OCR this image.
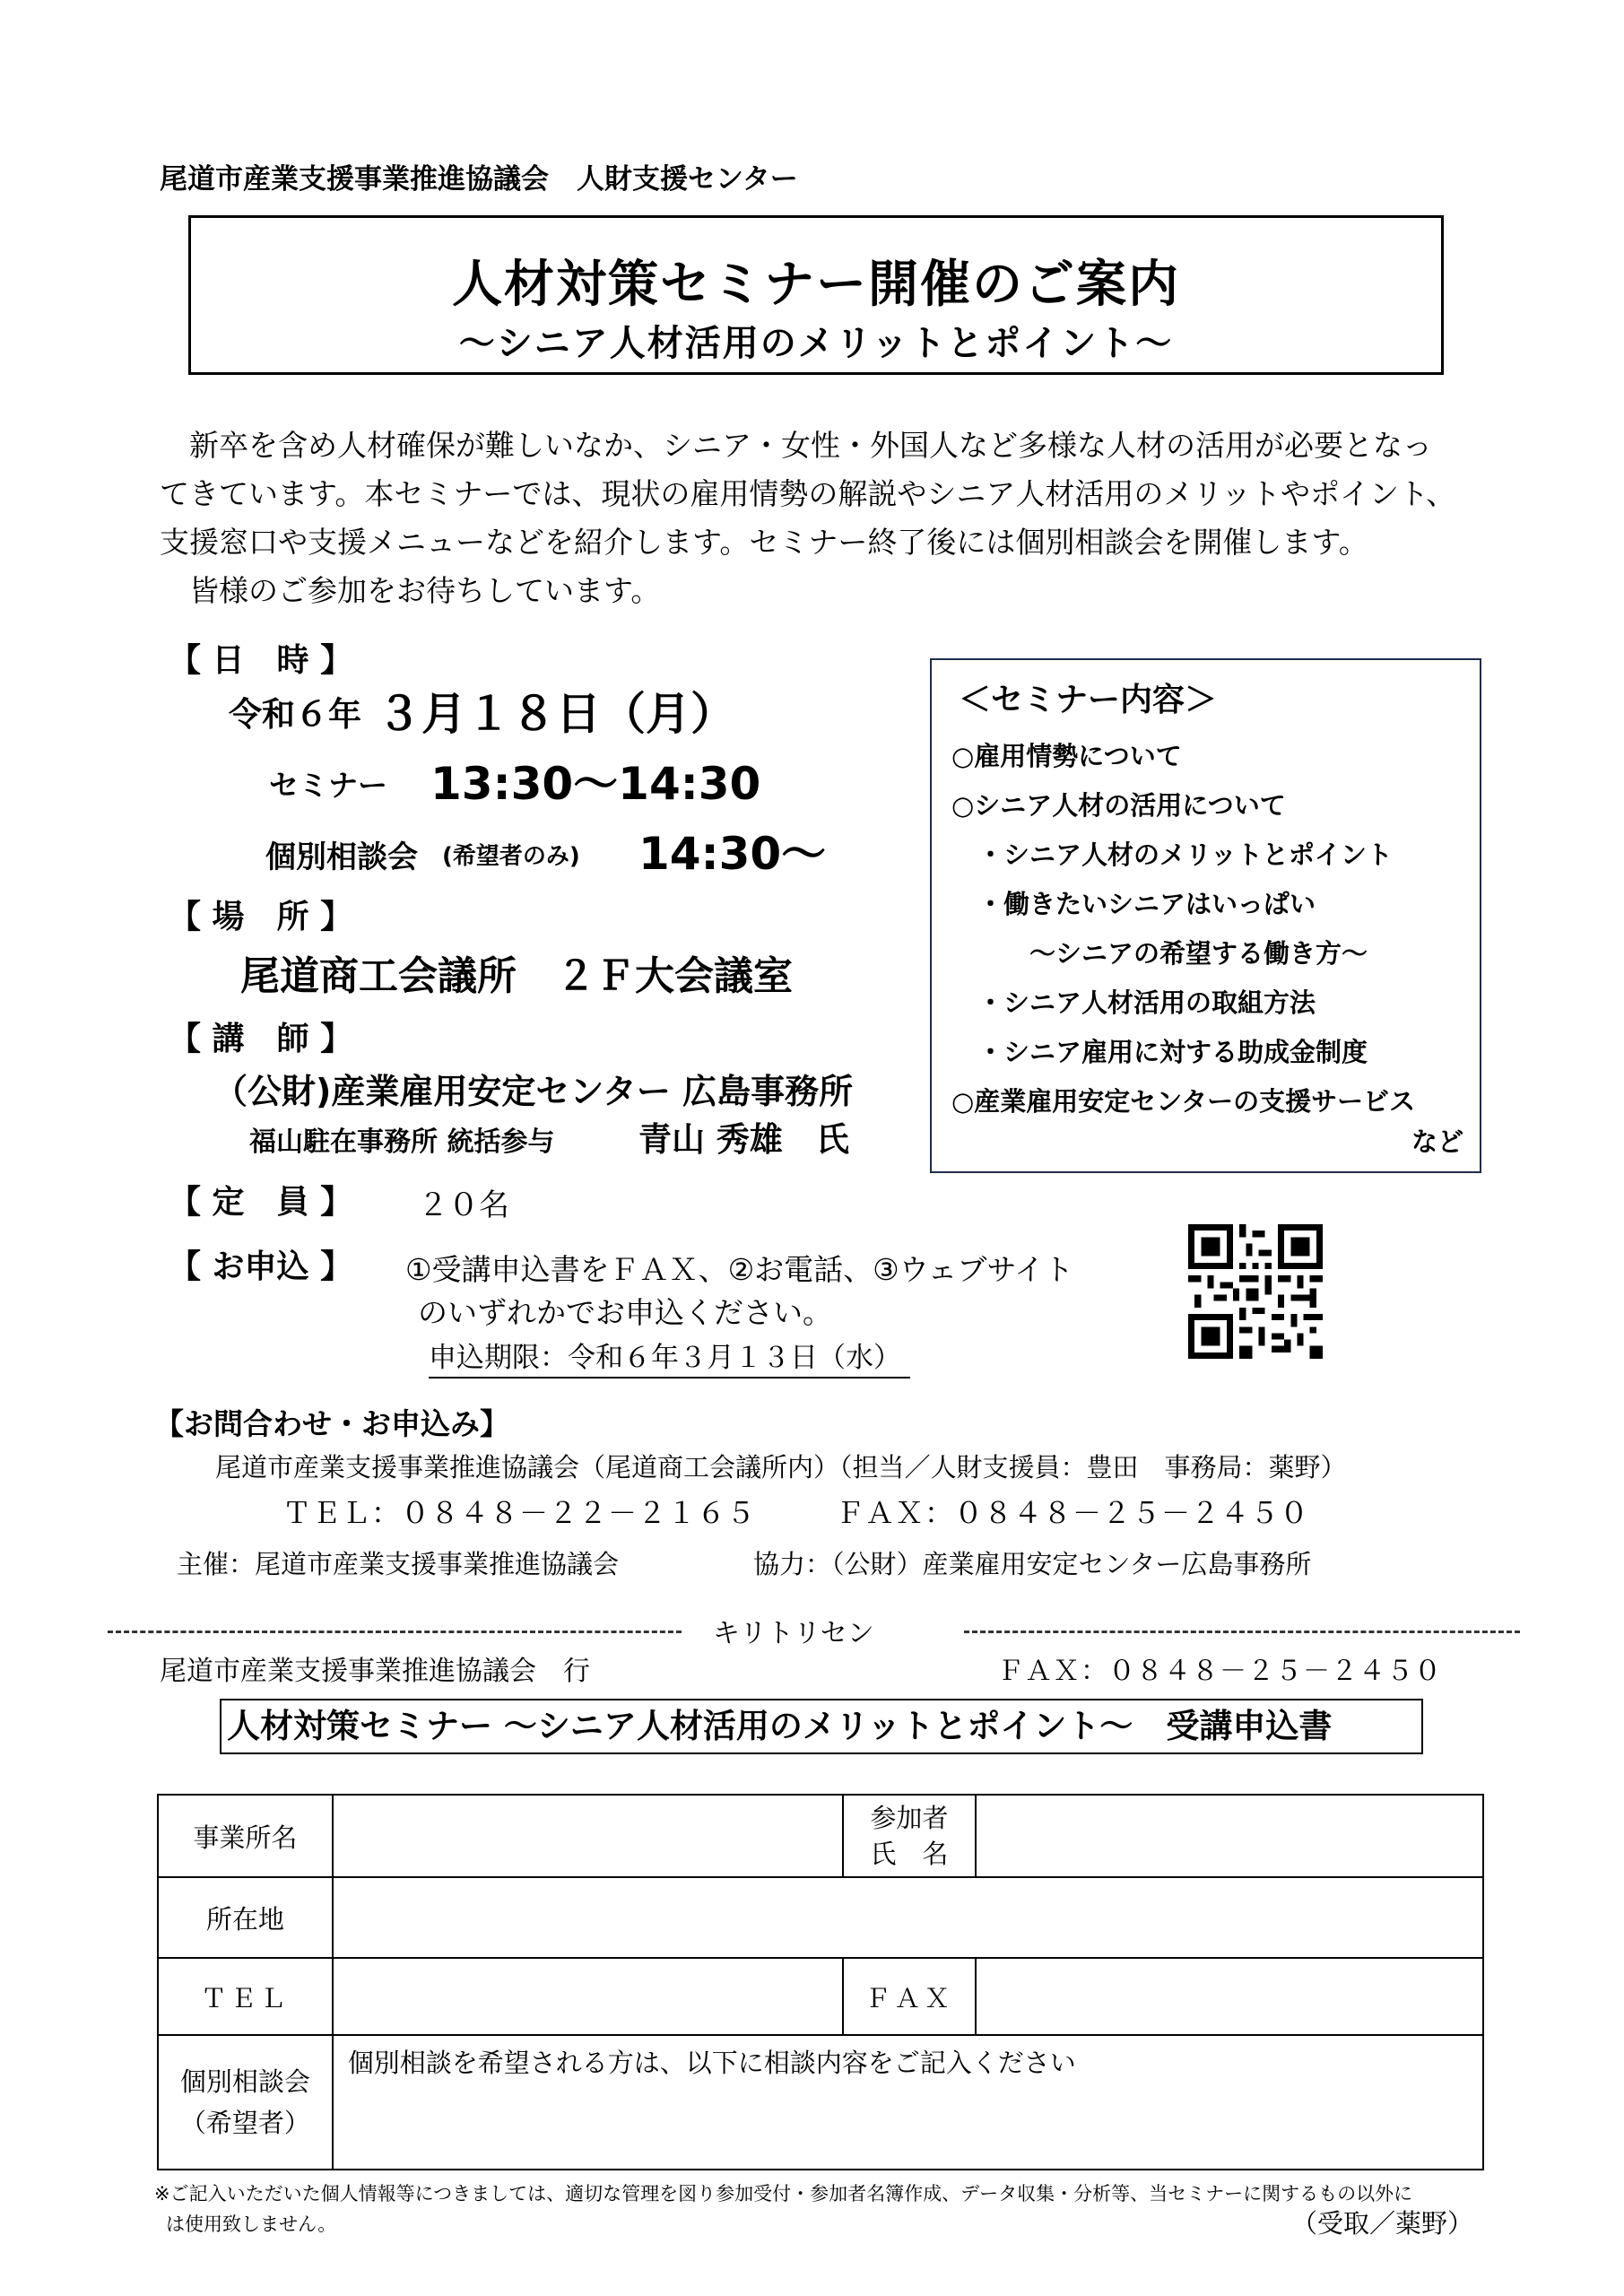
尾道市産業支援事業推進協議会　人財支援センター
人材対策セミナー開催のご案内
～シニア人材活用のメリットとポイント～

　新卒を含め人材確保が難しいなか、シニア・女性・外国人など多様な人材の活用が必要となっ

てきています。本セミナーでは、現状の雇用情勢の解説やシニア人材活用のメリットやポイント、

支援窓口や支援メニューなどを紹介します。セミナー終了後には個別相談会を開催します。

　皆様のご参加をお待ちしています。

【 日　時 】
令和６年 ３月１８日（月）
セミナー 13:30～14:30
個別相談会 (希望者のみ) 14:30～
【 場　所 】
尾道商工会議所　２Ｆ大会議室
【 講　師 】
（公財)産業雇用安定センター 広島事務所
福山駐在事務所 統括参与	青山 秀雄　氏
【 定　員 】 ２０名
【 お申込 】 ①受講申込書をＦＡＸ、②お電話、③ウェブサイト
のいずれかでお申込ください。
申込期限：令和６年３月１３日（水）
＜セミナー内容＞
○雇用情勢について
○シニア人材の活用について
　・シニア人材のメリットとポイント
　・働きたいシニアはいっぱい
　　　～シニアの希望する働き方～
　・シニア人材活用の取組方法
　・シニア雇用に対する助成金制度
○産業雇用安定センターの支援サービス
など
【お問合わせ・お申込み】
尾道市産業支援事業推進協議会（尾道商工会議所内）（担当／人財支援員：豊田　事務局：薬野）
ＴＥＬ：０８４８－２２－２１６５	ＦＡＸ：０８４８－２５－２４５０
主催：尾道市産業支援事業推進協議会	協力：（公財）産業雇用安定センター広島事務所
キリトリセン
尾道市産業支援事業推進協議会　行	ＦＡＸ：０８４８－２５－２４５０
人材対策セミナー ～シニア人材活用のメリットとポイント～　受講申込書
事業所名		参加者
氏　名	

所在地			
ＴＥＬ		ＦＡＸ	

個別相談会
（希望者）	個別相談を希望される方は、以下に相談内容をご記入ください		
※ご記入いただいた個人情報等につきましては、適切な管理を図り参加受付・参加者名簿作成、データ収集・分析等、当セミナーに関するもの以外に
は使用致しません。	（受取／薬野）
